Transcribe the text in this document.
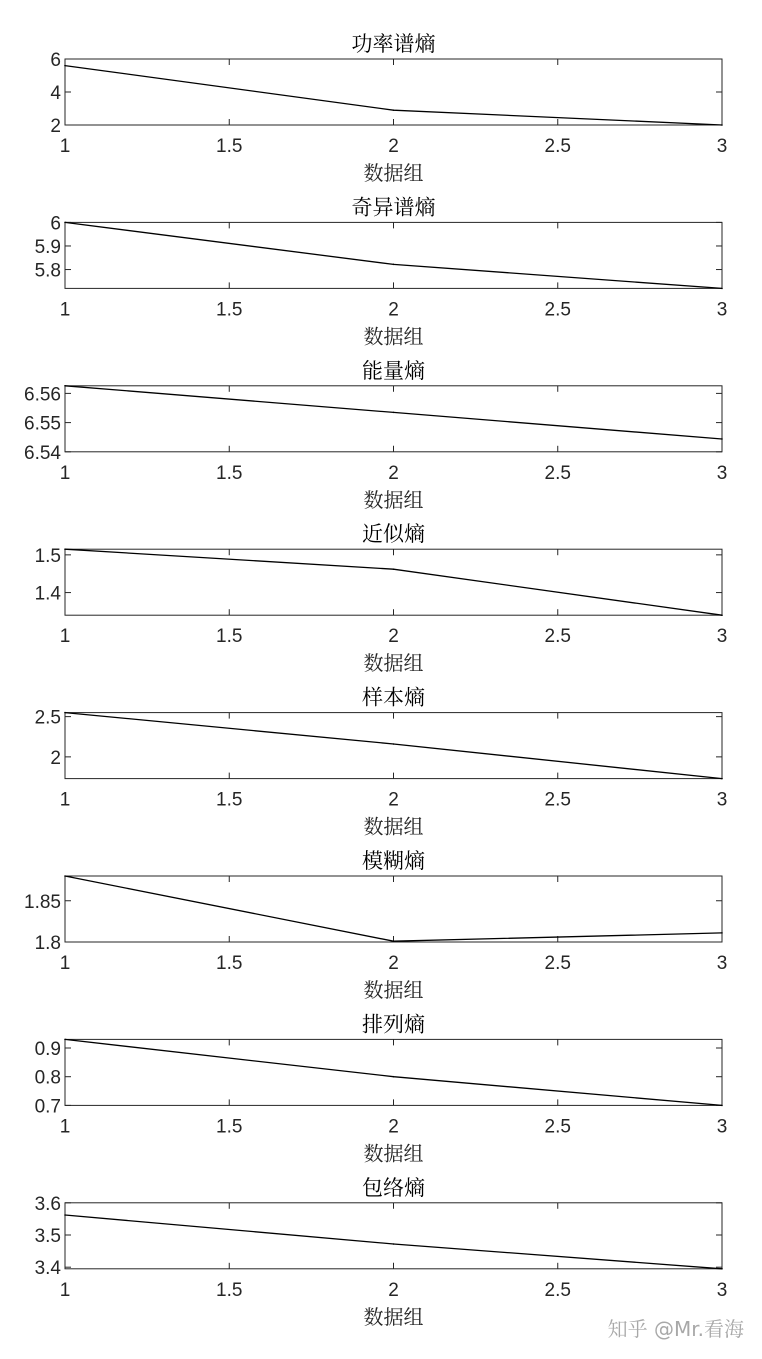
功率谱熵
1	1.5	2	2.5	3
2
4
6
数据组
奇异谱熵
1	1.5	2	2.5	3
5.8
5.9
6
数据组
能量熵
1	1.5	2	2.5	3
6.54
6.55
6.56
数据组
近似熵
1	1.5	2	2.5	3
1.4
1.5
数据组
样本熵
1	1.5	2	2.5	3
2
2.5
数据组
模糊熵
1	1.5	2	2.5	3
1.8
1.85
数据组
排列熵
1	1.5	2	2.5	3
0.7
0.8
0.9
数据组
包络熵
1	1.5	2	2.5	3
3.4
3.5
3.6
数据组
知乎 @Mr.看海
